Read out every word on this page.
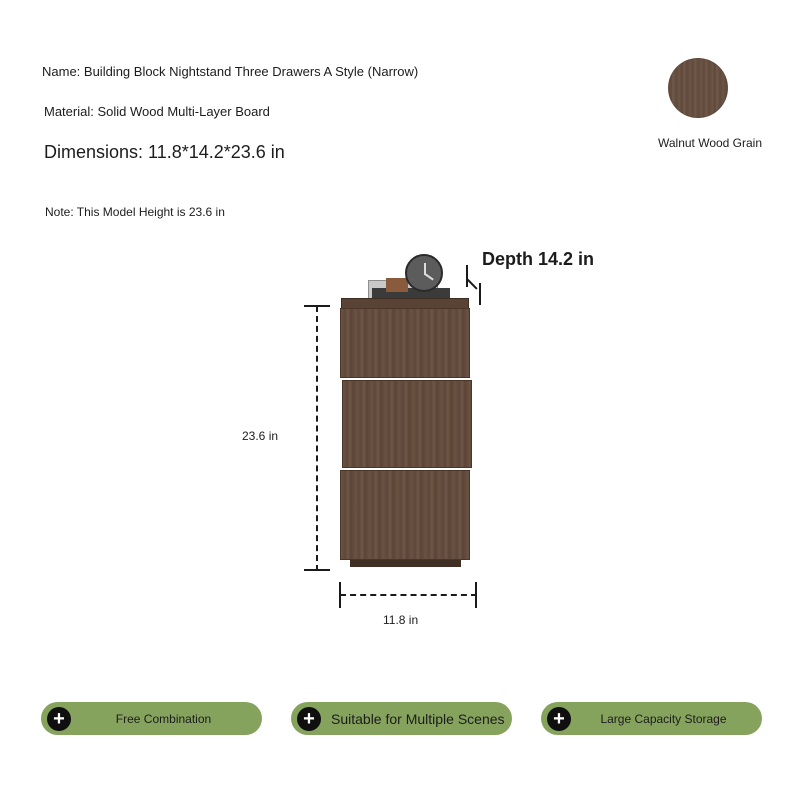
Name: Building Block Nightstand Three Drawers A Style (Narrow)
Material: Solid Wood Multi-Layer Board
Dimensions: 11.8*14.2*23.6 in
Note: This Model Height is 23.6 in
Walnut Wood Grain
23.6 in
11.8 in
Depth 14.2 in
+	Free Combination	+	Suitable for Multiple Scenes	+	Large Capacity Storage
